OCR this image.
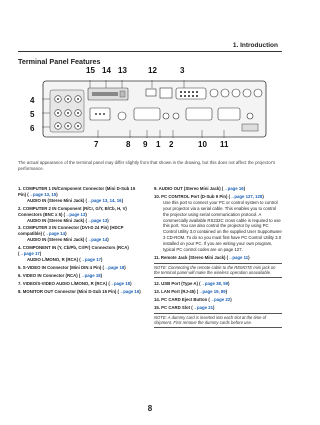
1. Introduction
Terminal Panel Features
15 14 13	12	3
4
5
6
7	8 9 1 2	10 11
The actual appearance of the terminal panel may differ slightly from that shown in the drawing, but this does not affect the projector's performance.
1. COMPUTER 1 IN/Component Connector (Mini D-Sub 15 Pin) (→page 13, 15)
AUDIO IN (Stereo Mini Jack) (→page 13, 14, 16)
2. COMPUTER 2 IN Component (R/Cr, G/Y, B/Cb, H, V) Connectors (BNC x 5) (→page 13)
AUDIO IN (Stereo Mini Jack) (→page 13)
3. COMPUTER 3 IN Connector (DVI-D 24 Pin) (HDCP compatible) (→page 14)
AUDIO IN (Stereo Mini Jack) (→page 14)
4. COMPONENT IN (Y, Cb/Pb, Cr/Pr) Connectors (RCA) (→page 17)
AUDIO L/MONO, R (RCA) (→page 17)
5. S-VIDEO IN Connector (Mini DIN 4 Pin) (→page 18)
6. VIDEO IN Connector (RCA) (→page 18)
7. VIDEO/S-VIDEO AUDIO L/MONO, R (RCA) (→page 18)
8. MONITOR OUT Connector (Mini D-Sub 15 Pin) (→page 16)
9. AUDIO OUT (Stereo Mini Jack) (→page 16)
10. PC CONTROL Port (D-Sub 9 Pin) (→page 127, 128)
Use this port to connect your PC or control system to control your projector via a serial cable. This enables you to control the projector using serial communication protocol. A commercially available RS232C cross cable is required to use this port. You can also control the projector by using PC Control Utility 3.0 contained on the supplied User Supportware 3 CD-ROM. To do so you must first have PC Control Utility 3.0 installed on your PC. If you are writing your own program, typical PC control codes are on page 127.
11. Remote Jack (Stereo Mini Jack) (→page 11)
NOTE: Connecting the remote cable to the REMOTE mini jack on the terminal panel will make the wireless operation unavailable.
12. USB Port (Type A) (→page 38, 59)
13. LAN Port (RJ-45) (→page 19, 89)
14. PC CARD Eject Button (→page 22)
15. PC CARD Slot (→page 21)
NOTE: A dummy card is inserted into each slot at the time of shipment. First remove the dummy cards before use.
8
